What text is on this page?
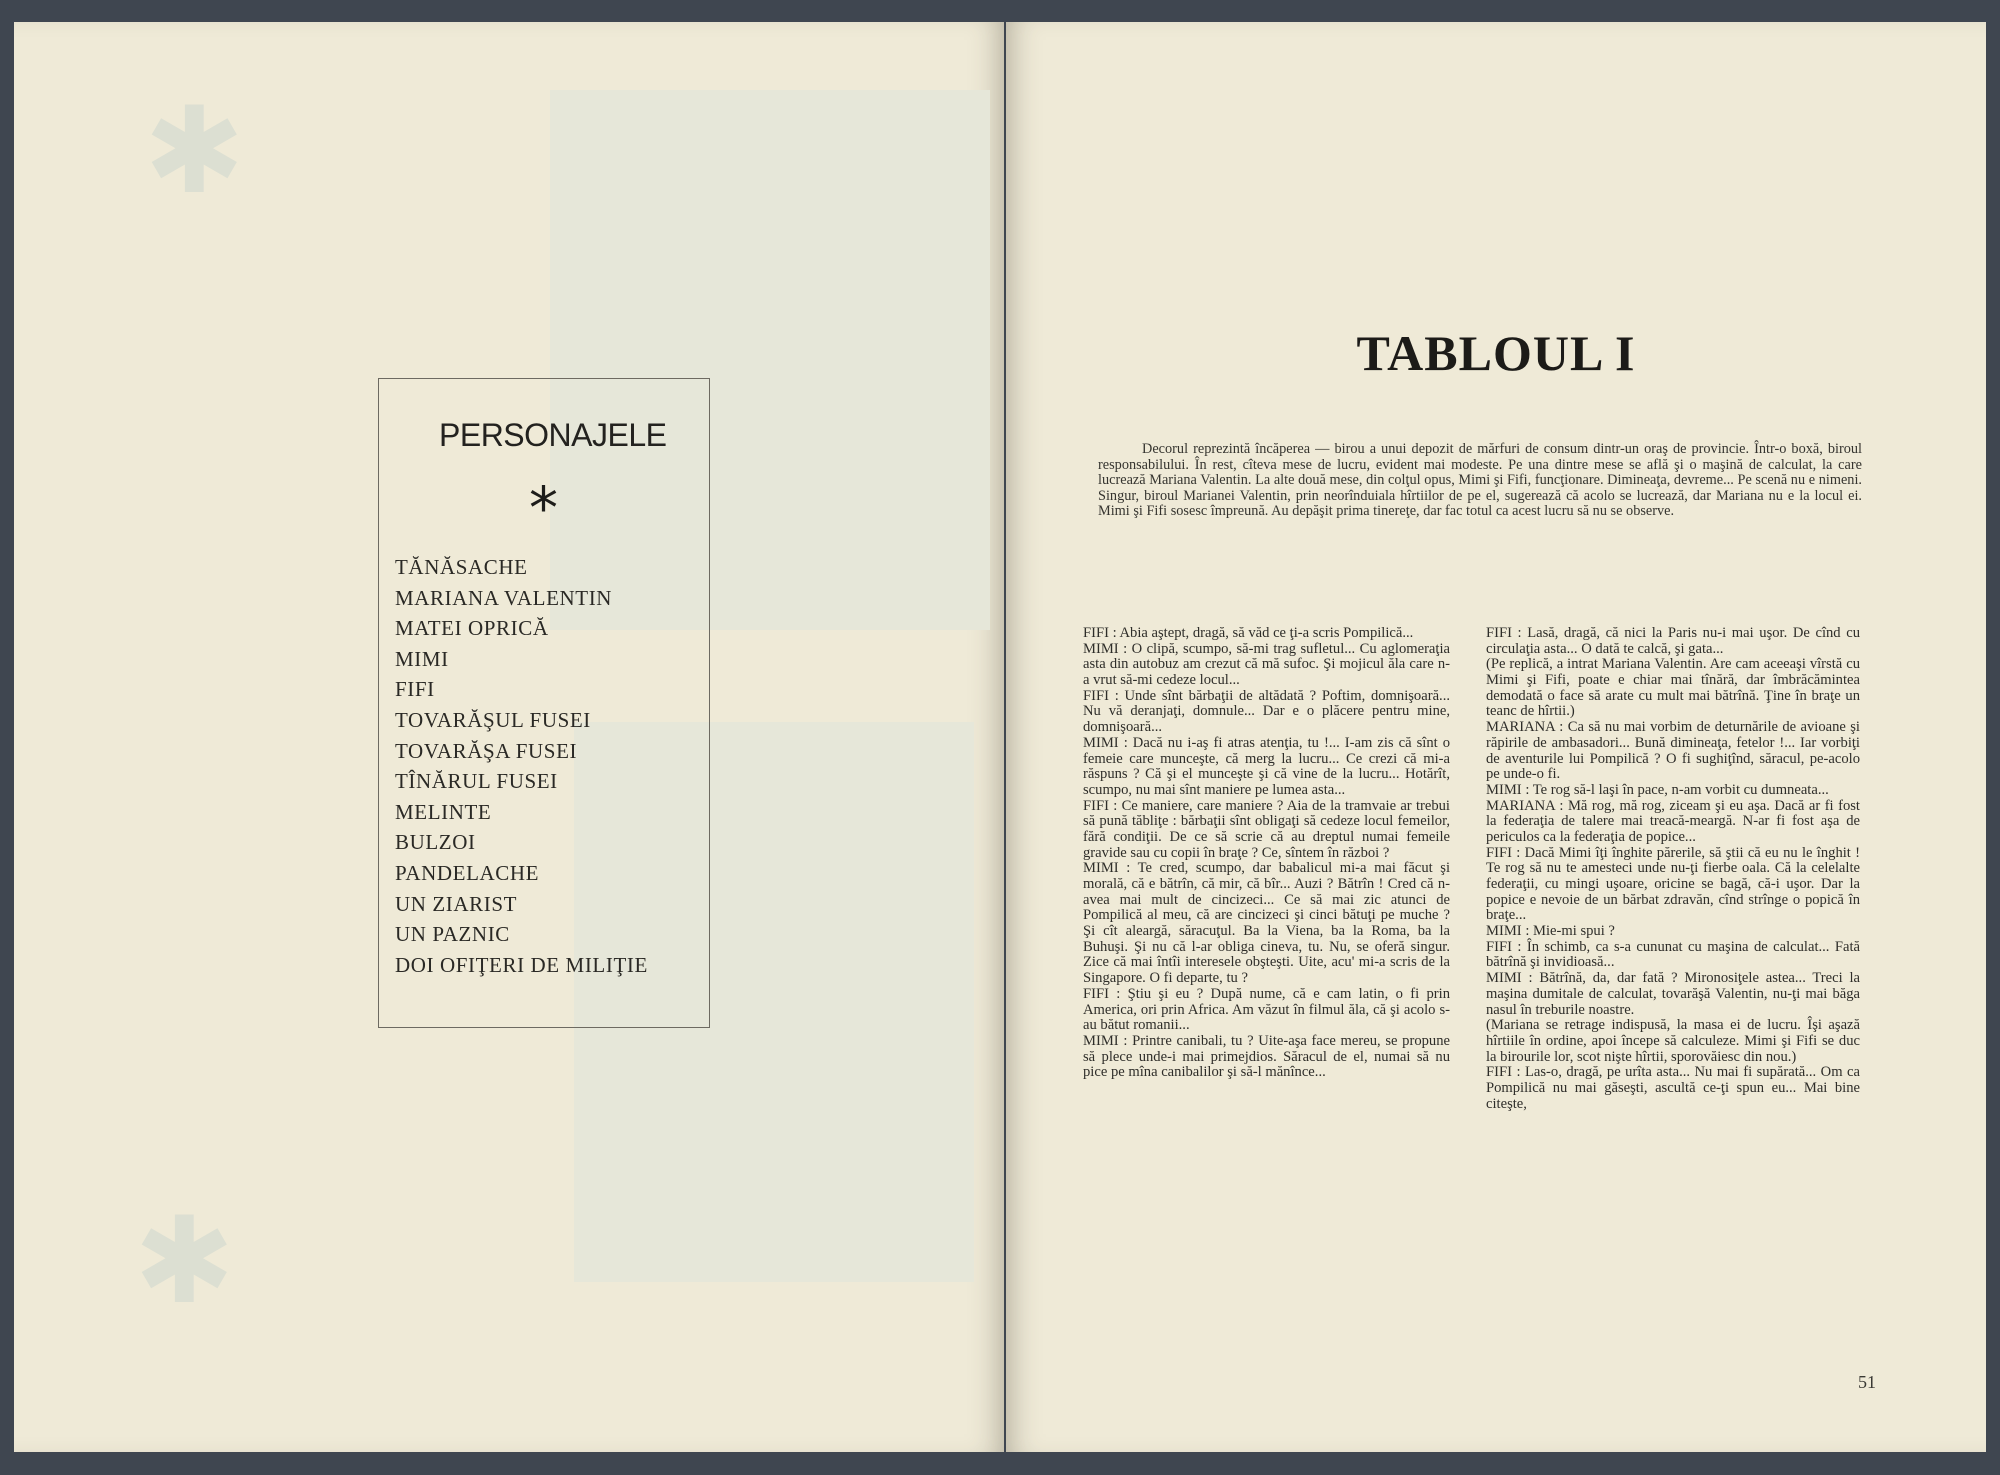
✱
✱
PERSONAJELE
*
TĂNĂSACHE
MARIANA VALENTIN
MATEI OPRICĂ
MIMI
FIFI
TOVARĂŞUL FUSEI
TOVARĂŞA FUSEI
TÎNĂRUL FUSEI
MELINTE
BULZOI
PANDELACHE
UN ZIARIST
UN PAZNIC
DOI OFIŢERI DE MILIŢIE
TABLOUL I
Decorul reprezintă încăperea — birou a unui depozit de mărfuri de consum dintr-un oraş de provincie. Într-o boxă, biroul responsabilului. În rest, cîteva mese de lucru, evident mai modeste. Pe una dintre mese se află şi o maşină de calculat, la care lucrează Mariana Valentin. La alte două mese, din colţul opus, Mimi şi Fifi, funcţionare. Dimineaţa, devreme... Pe scenă nu e nimeni. Singur, biroul Marianei Valentin, prin neorînduiala hîrtiilor de pe el, sugerează că acolo se lucrează, dar Mariana nu e la locul ei. Mimi şi Fifi sosesc împreună. Au depăşit prima tinereţe, dar fac totul ca acest lucru să nu se observe.

FIFI : Abia aştept, dragă, să văd ce ţi-a scris Pompilică...

MIMI : O clipă, scumpo, să-mi trag sufletul... Cu aglomeraţia asta din autobuz am crezut că mă sufoc. Şi mojicul ăla care n-a vrut să-mi cedeze locul...

FIFI : Unde sînt bărbaţii de altădată ? Poftim, domnişoară... Nu vă deranjaţi, domnule... Dar e o plăcere pentru mine, domnişoară...

MIMI : Dacă nu i-aş fi atras atenţia, tu !... I-am zis că sînt o femeie care munceşte, că merg la lucru... Ce crezi că mi-a răspuns ? Că şi el munceşte şi că vine de la lucru... Hotărît, scumpo, nu mai sînt maniere pe lumea asta...

FIFI : Ce maniere, care maniere ? Aia de la tramvaie ar trebui să pună tăbliţe : bărbaţii sînt obligaţi să cedeze locul femeilor, fără condiţii. De ce să scrie că au dreptul numai femeile gravide sau cu copii în braţe ? Ce, sîntem în război ?

MIMI : Te cred, scumpo, dar babalicul mi-a mai făcut şi morală, că e bătrîn, că mir, că bîr... Auzi ? Bătrîn ! Cred că n-avea mai mult de cincizeci... Ce să mai zic atunci de Pompilică al meu, că are cincizeci şi cinci bătuţi pe muche ? Şi cît aleargă, săracuţul. Ba la Viena, ba la Roma, ba la Buhuşi. Şi nu că l-ar obliga cineva, tu. Nu, se oferă singur. Zice că mai întîi interesele obşteşti. Uite, acu' mi-a scris de la Singapore. O fi departe, tu ?

FIFI : Ştiu şi eu ? După nume, că e cam latin, o fi prin America, ori prin Africa. Am văzut în filmul ăla, că şi acolo s-au bătut romanii...

MIMI : Printre canibali, tu ? Uite-aşa face mereu, se propune să plece unde-i mai primejdios. Săracul de el, numai să nu pice pe mîna canibalilor şi să-l mănînce...

FIFI : Lasă, dragă, că nici la Paris nu-i mai uşor. De cînd cu circulaţia asta... O dată te calcă, şi gata...

(Pe replică, a intrat Mariana Valentin. Are cam aceeaşi vîrstă cu Mimi şi Fifi, poate e chiar mai tînără, dar îmbrăcămintea demodată o face să arate cu mult mai bătrînă. Ţine în braţe un teanc de hîrtii.)

MARIANA : Ca să nu mai vorbim de deturnările de avioane şi răpirile de ambasadori... Bună dimineaţa, fetelor !... Iar vorbiţi de aventurile lui Pompilică ? O fi sughiţînd, săracul, pe-acolo pe unde-o fi.

MIMI : Te rog să-l laşi în pace, n-am vorbit cu dumneata...

MARIANA : Mă rog, mă rog, ziceam şi eu aşa. Dacă ar fi fost la federaţia de talere mai treacă-meargă. N-ar fi fost aşa de periculos ca la federaţia de popice...

FIFI : Dacă Mimi îţi înghite părerile, să ştii că eu nu le înghit ! Te rog să nu te amesteci unde nu-ţi fierbe oala. Că la celelalte federaţii, cu mingi uşoare, oricine se bagă, că-i uşor. Dar la popice e nevoie de un bărbat zdravăn, cînd strînge o popică în braţe...

MIMI : Mie-mi spui ?

FIFI : În schimb, ca s-a cununat cu maşina de calculat... Fată bătrînă şi invidioasă...

MIMI : Bătrînă, da, dar fată ? Mironosiţele astea... Treci la maşina dumitale de calculat, tovarăşă Valentin, nu-ţi mai băga nasul în treburile noastre.

(Mariana se retrage indispusă, la masa ei de lucru. Îşi aşază hîrtiile în ordine, apoi începe să calculeze. Mimi şi Fifi se duc la birourile lor, scot nişte hîrtii, sporovăiesc din nou.)

FIFI : Las-o, dragă, pe urîta asta... Nu mai fi supărată... Om ca Pompilică nu mai găseşti, ascultă ce-ţi spun eu... Mai bine citeşte,

51
